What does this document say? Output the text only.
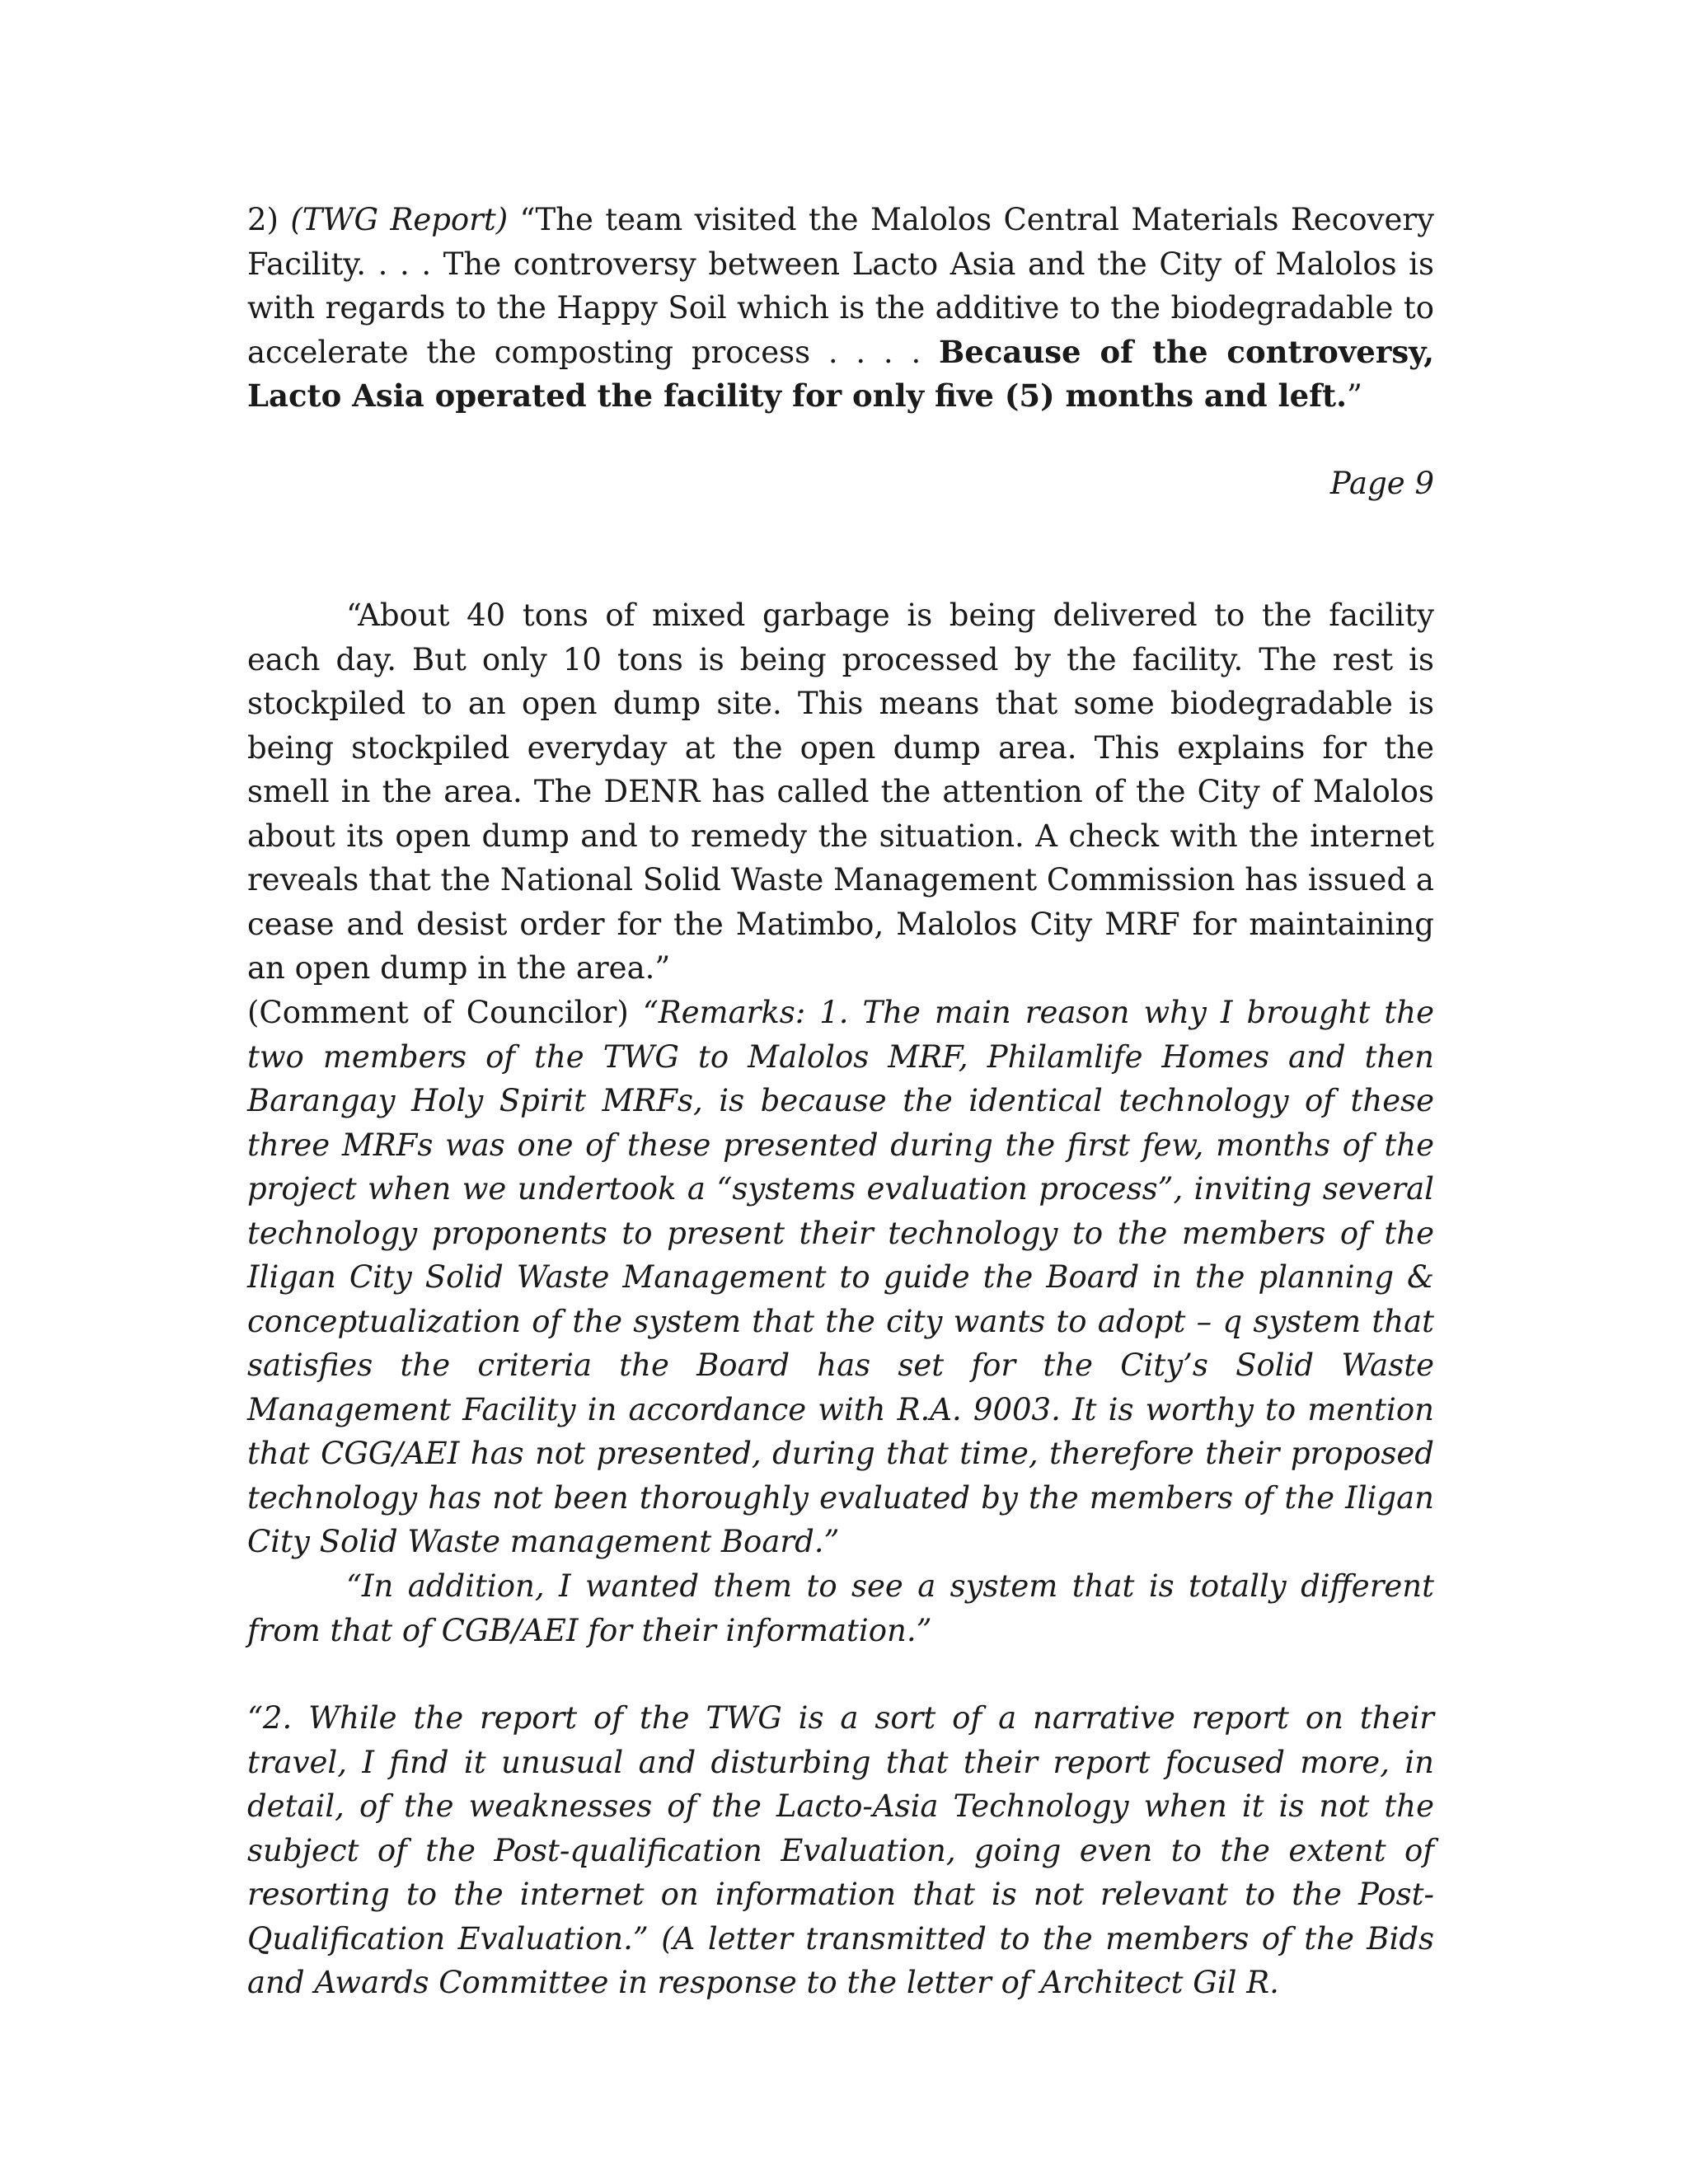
2) (TWG Report) “The team visited the Malolos Central Materials Recovery Facility. . . . The controversy between Lacto Asia and the City of Malolos is with regards to the Happy Soil which is the additive to the biodegradable to accelerate the composting process . . . . Because of the controversy, Lacto Asia operated the facility for only five (5) months and left.”

Page 9

“About 40 tons of mixed garbage is being delivered to the facility each day. But only 10 tons is being processed by the facility. The rest is stockpiled to an open dump site. This means that some biodegradable is being stockpiled everyday at the open dump area. This explains for the smell in the area. The DENR has called the attention of the City of Malolos about its open dump and to remedy the situation. A check with the internet reveals that the National Solid Waste Management Commission has issued a cease and desist order for the Matimbo, Malolos City MRF for maintaining an open dump in the area.”

(Comment of Councilor) “Remarks: 1. The main reason why I brought the two members of the TWG to Malolos MRF, Philamlife Homes and then Barangay Holy Spirit MRFs, is because the identical technology of these three MRFs was one of these presented during the first few, months of the project when we undertook a “systems evaluation process”, inviting several technology proponents to present their technology to the members of the Iligan City Solid Waste Management to guide the Board in the planning & conceptualization of the system that the city wants to adopt – q system that satisfies the criteria the Board has set for the City’s Solid Waste Management Facility in accordance with R.A. 9003. It is worthy to mention that CGG/AEI has not presented, during that time, therefore their proposed technology has not been thoroughly evaluated by the members of the Iligan City Solid Waste management Board.”

“In addition, I wanted them to see a system that is totally different from that of CGB/AEI for their information.”

“2. While the report of the TWG is a sort of a narrative report on their travel, I find it unusual and disturbing that their report focused more, in detail, of the weaknesses of the Lacto-Asia Technology when it is not the subject of the Post-qualification Evaluation, going even to the extent of resorting to the internet on information that is not relevant to the Post-Qualification Evaluation.” (A letter transmitted to the members of the Bids and Awards Committee in response to the letter of Architect Gil R.
